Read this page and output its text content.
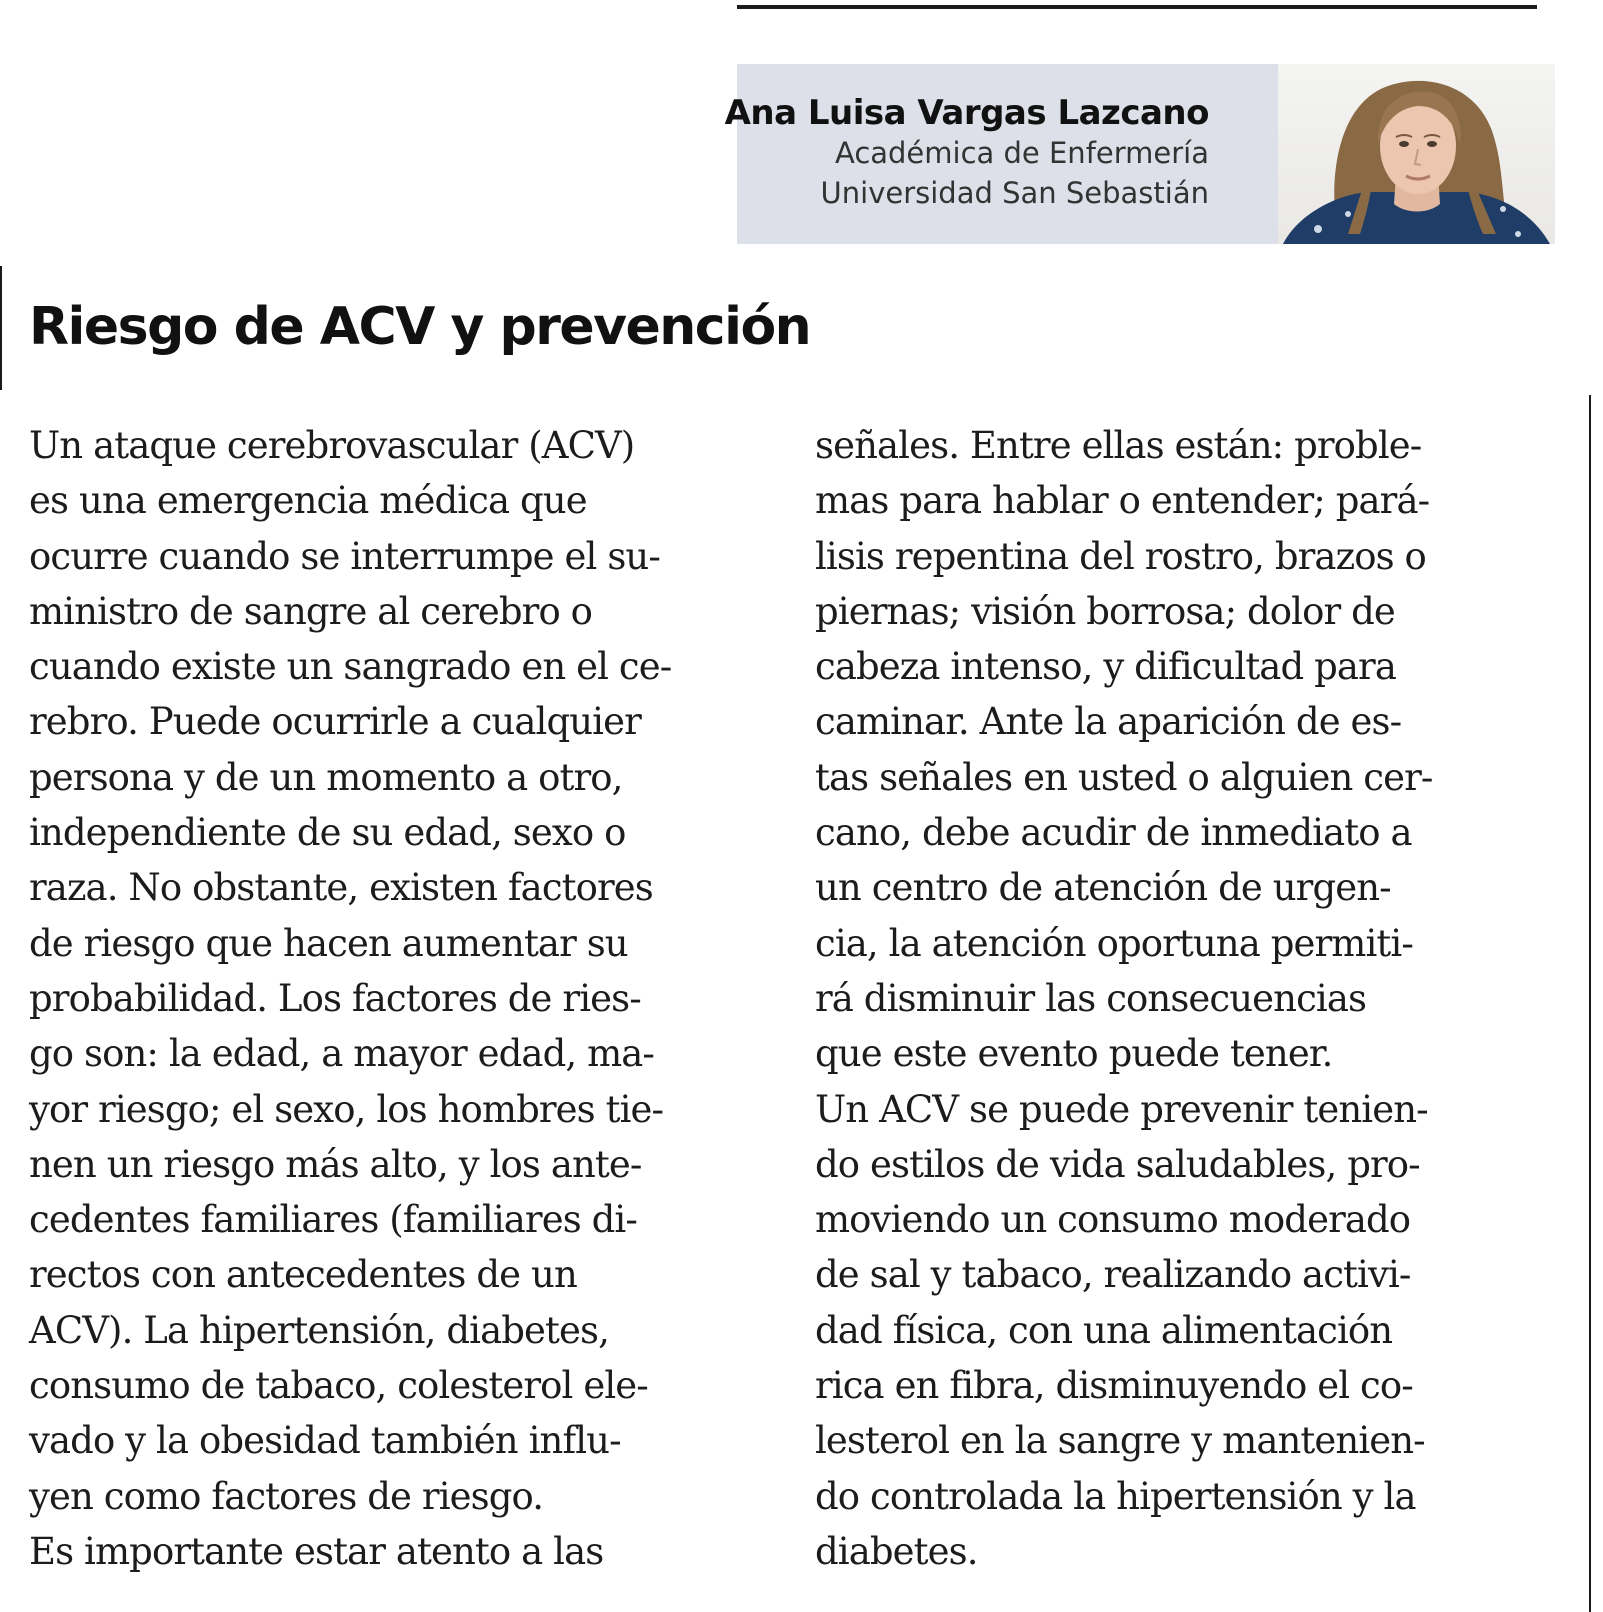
Ana Luisa Vargas Lazcano
Académica de Enfermería
Universidad San Sebastián
Riesgo de ACV y prevención
Un ataque cerebrovascular (ACV)
es una emergencia médica que
ocurre cuando se interrumpe el su-
ministro de sangre al cerebro o
cuando existe un sangrado en el ce-
rebro. Puede ocurrirle a cualquier
persona y de un momento a otro,
independiente de su edad, sexo o
raza. No obstante, existen factores
de riesgo que hacen aumentar su
probabilidad. Los factores de ries-
go son: la edad, a mayor edad, ma-
yor riesgo; el sexo, los hombres tie-
nen un riesgo más alto, y los ante-
cedentes familiares (familiares di-
rectos con antecedentes de un
ACV). La hipertensión, diabetes,
consumo de tabaco, colesterol ele-
vado y la obesidad también influ-
yen como factores de riesgo.
Es importante estar atento a las
señales. Entre ellas están: proble-
mas para hablar o entender; pará-
lisis repentina del rostro, brazos o
piernas; visión borrosa; dolor de
cabeza intenso, y dificultad para
caminar. Ante la aparición de es-
tas señales en usted o alguien cer-
cano, debe acudir de inmediato a
un centro de atención de urgen-
cia, la atención oportuna permiti-
rá disminuir las consecuencias
que este evento puede tener.
Un ACV se puede prevenir tenien-
do estilos de vida saludables, pro-
moviendo un consumo moderado
de sal y tabaco, realizando activi-
dad física, con una alimentación
rica en fibra, disminuyendo el co-
lesterol en la sangre y mantenien-
do controlada la hipertensión y la
diabetes.
